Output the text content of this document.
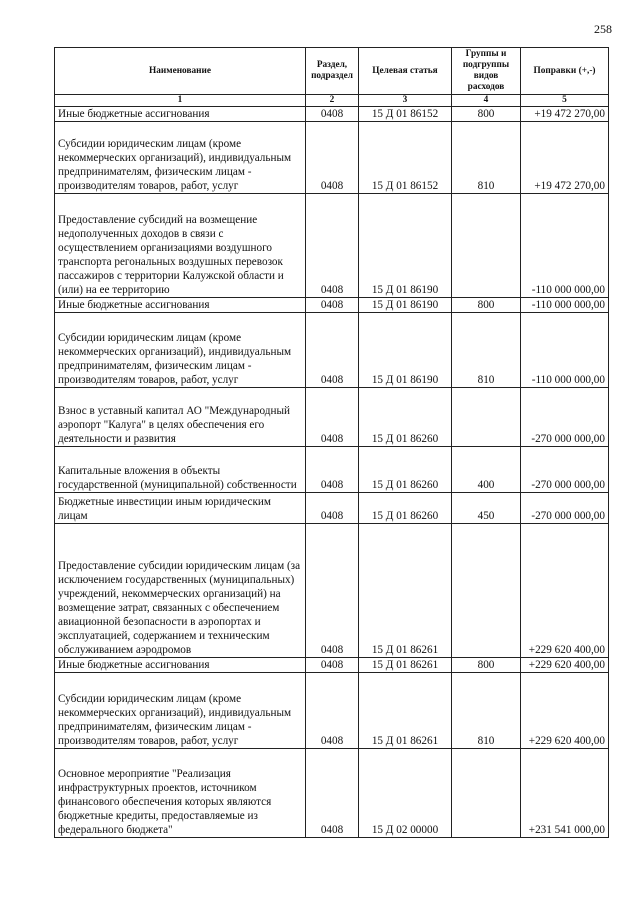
258
Наименование	Раздел, подраздел	Целевая статья	Группы и подгруппы видов расходов	Поправки (+,-)
1	2	3	4	5
Иные бюджетные ассигнования	0408	15 Д 01 86152	800	+19 472 270,00
Субсидии юридическим лицам (кроме некоммерческих организаций), индивидуальным предпринимателям, физическим лицам - производителям товаров, работ, услуг	0408	15 Д 01 86152	810	+19 472 270,00
Предоставление субсидий на возмещение недополученных доходов в связи с осуществлением организациями воздушного транспорта регональных воздушных перевозок пассажиров с территории Калужской области и (или) на ее территорию	0408	15 Д 01 86190		-110 000 000,00
Иные бюджетные ассигнования	0408	15 Д 01 86190	800	-110 000 000,00
Субсидии юридическим лицам (кроме некоммерческих организаций), индивидуальным предпринимателям, физическим лицам - производителям товаров, работ, услуг	0408	15 Д 01 86190	810	-110 000 000,00
Взнос в уставный капитал АО "Международный аэропорт "Калуга" в целях обеспечения его деятельности и развития	0408	15 Д 01 86260		-270 000 000,00
Капитальные вложения в объекты государственной (муниципальной) собственности	0408	15 Д 01 86260	400	-270 000 000,00
Бюджетные инвестиции иным юридическим лицам	0408	15 Д 01 86260	450	-270 000 000,00
Предоставление субсидии юридическим лицам (за исключением государственных (муниципальных) учреждений, некоммерческих организаций) на возмещение затрат, связанных с обеспечением авиационной безопасности в аэропортах и эксплуатацией, содержанием и техническим обслуживанием аэродромов	0408	15 Д 01 86261		+229 620 400,00
Иные бюджетные ассигнования	0408	15 Д 01 86261	800	+229 620 400,00
Субсидии юридическим лицам (кроме некоммерческих организаций), индивидуальным предпринимателям, физическим лицам - производителям товаров, работ, услуг	0408	15 Д 01 86261	810	+229 620 400,00
Основное мероприятие "Реализация инфраструктурных проектов, источником финансового обеспечения которых являются бюджетные кредиты, предоставляемые из федерального бюджета"	0408	15 Д 02 00000		+231 541 000,00
